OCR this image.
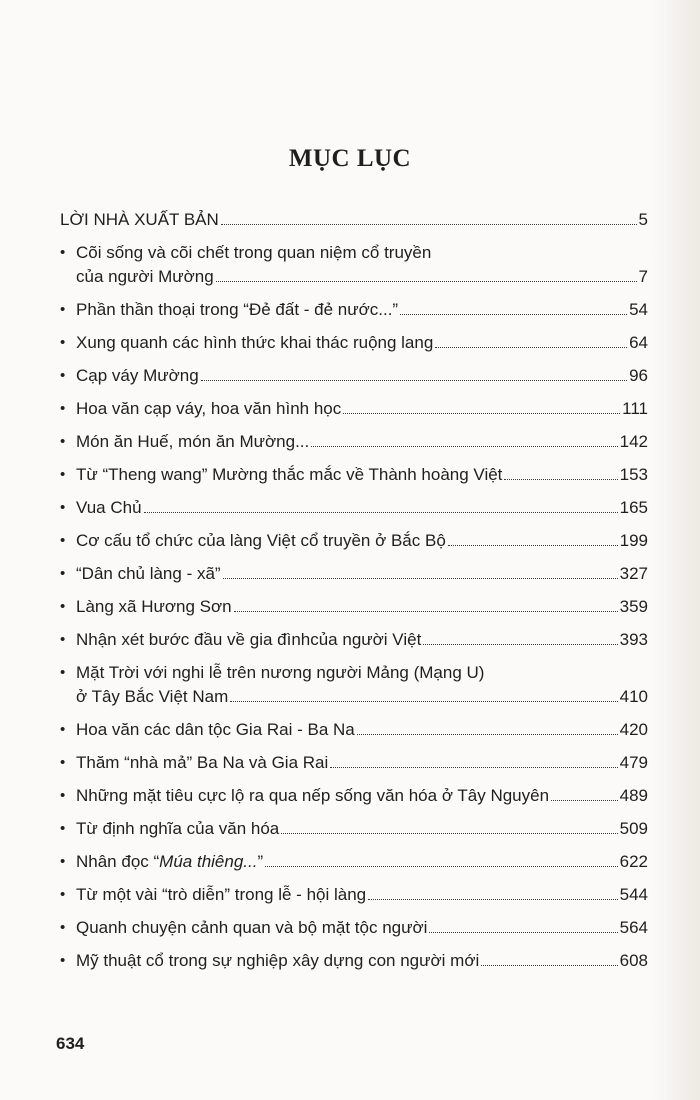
MỤC LỤC
LỜI NHÀ XUẤT BẢN	5
• Cõi sống và cõi chết trong quan niệm cổ truyền
của người Mường	7
• Phần thần thoại trong “Đẻ đất - đẻ nước...”	54
• Xung quanh các hình thức khai thác ruộng lang	64
• Cạp váy Mường	96
• Hoa văn cạp váy, hoa văn hình học	111
• Món ăn Huế, món ăn Mường...	142
• Từ “Theng wang” Mường thắc mắc về Thành hoàng Việt	153
• Vua Chủ	165
• Cơ cấu tổ chức của làng Việt cổ truyền ở Bắc Bộ	199
• “Dân chủ làng - xã”	327
• Làng xã Hương Sơn	359
• Nhận xét bước đầu về gia đìnhcủa người Việt	393
• Mặt Trời với nghi lễ trên nương người Mảng (Mạng U)
ở Tây Bắc Việt Nam	410
• Hoa văn các dân tộc Gia Rai - Ba Na	420
• Thăm “nhà mả” Ba Na và Gia Rai	479
• Những mặt tiêu cực lộ ra qua nếp sống văn hóa ở Tây Nguyên	489
• Từ định nghĩa của văn hóa	509
• Nhân đọc “Múa thiêng...”	622
• Từ một vài “trò diễn” trong lễ - hội làng	544
• Quanh chuyện cảnh quan và bộ mặt tộc người	564
• Mỹ thuật cổ trong sự nghiệp xây dựng con người mới	608
634
